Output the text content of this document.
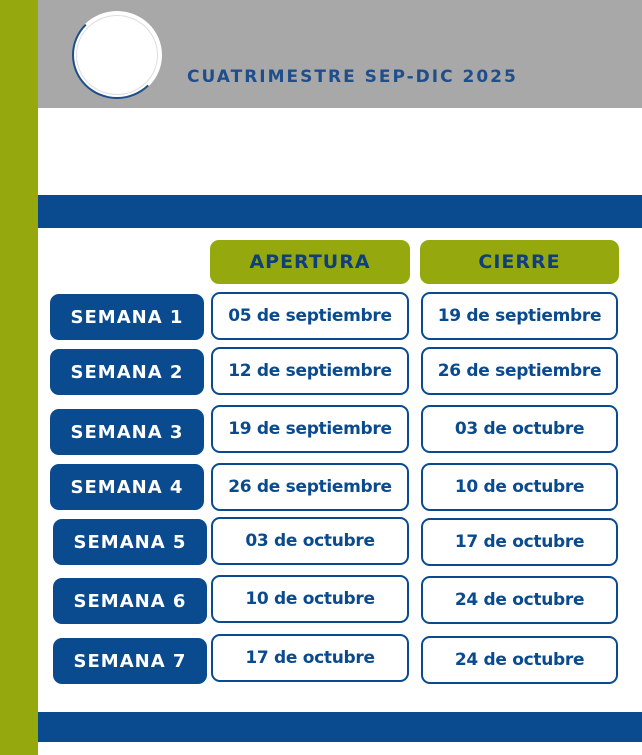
CUATRIMESTRE SEP-DIC 2025
APERTURA	CIERRE
SEMANA 1	05 de septiembre	19 de septiembre
SEMANA 2	12 de septiembre	26 de septiembre
SEMANA 3	19 de septiembre	03 de octubre
SEMANA 4	26 de septiembre	10 de octubre
SEMANA 5	03 de octubre	17 de octubre
SEMANA 6	10 de octubre	24 de octubre
SEMANA 7	17 de octubre	24 de octubre
